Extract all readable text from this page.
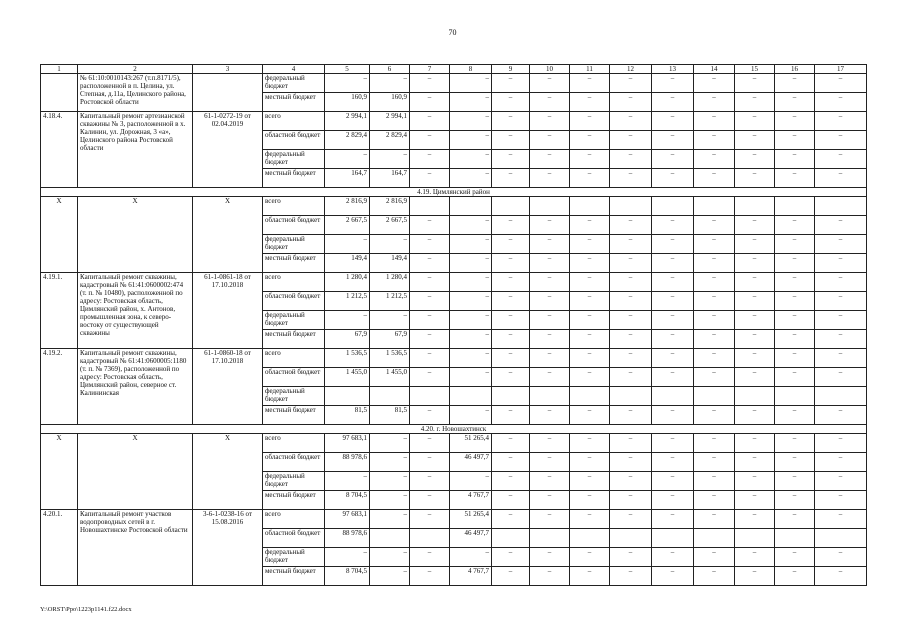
70
1	2	3	4	5	6	7	8	9	10	11	12	13	14	15	16	17
	№ 61:10:0010143:267 (т.п.8171/5), расположенной в п. Целина, ул. Степная, д.11а, Целинского района, Ростовской области		федеральный бюджет	–	–	–	–	–	–	–	–	–	–	–	–	–
			местный бюджет	160,9	160,9	–	–	–	–	–	–	–	–	–	–	–
4.18.4.	Капитальный ремонт артезианской скважины № 3, расположенной в х. Калинин, ул. Дорожная, 3 «а», Целинского района Ростовской области	61-1-0272-19 от 02.04.2019	всего	2 994,1	2 994,1	–	–	–	–	–	–	–	–	–	–	–
			областной бюджет	2 829,4	2 829,4	–	–	–	–	–	–	–	–	–	–	–
			федеральный бюджет	–	–	–	–	–	–	–	–	–	–	–	–	–
			местный бюджет	164,7	164,7	–	–	–	–	–	–	–	–	–	–	–
4.19. Цимлянский район																
Х	Х	Х	всего	2 816,9	2 816,9											
			областной бюджет	2 667,5	2 667,5	–	–	–	–	–	–	–	–	–	–	–
			федеральный бюджет	–	–	–	–	–	–	–	–	–	–	–	–	–
			местный бюджет	149,4	149,4	–	–	–	–	–	–	–	–	–	–	–
4.19.1.	Капитальный ремонт скважины, кадастровый № 61:41:0600002:474 (т. п. № 10480), расположенной по адресу: Ростовская область, Цимлянский район, х. Антонов, промышленная зона, к северо-востоку от существующей скважины	61-1-0861-18 от 17.10.2018	всего	1 280,4	1 280,4	–	–	–	–	–	–	–	–	–	–	–
			областной бюджет	1 212,5	1 212,5	–	–	–	–	–	–	–	–	–	–	–
			федеральный бюджет	–	–	–	–	–	–	–	–	–	–	–	–	–
			местный бюджет	67,9	67,9	–	–	–	–	–	–	–	–	–	–	–
4.19.2.	Капитальный ремонт скважины, кадастровый № 61:41:0600005:1180 (т. п. № 7369), расположенной по адресу: Ростовская область, Цимлянский район, северное ст. Калининская	61-1-0860-18 от 17.10.2018	всего	1 536,5	1 536,5	–	–	–	–	–	–	–	–	–	–	–
			областной бюджет	1 455,0	1 455,0	–	–	–	–	–	–	–	–	–	–	–
			федеральный бюджет													
			местный бюджет	81,5	81,5	–	–	–	–	–	–	–	–	–	–	–
4.20. г. Новошахтинск																
Х	Х	Х	всего	97 683,1	–	–	51 265,4	–	–	–	–	–	–	–	–	–
			областной бюджет	88 978,6	–	–	46 497,7	–	–	–	–	–	–	–	–	–
			федеральный бюджет	–	–	–	–	–	–	–	–	–	–	–	–	–
			местный бюджет	8 704,5	–	–	4 767,7	–	–	–	–	–	–	–	–	–
4.20.1.	Капитальный ремонт участков водопроводных сетей в г. Новошахтинске Ростовской области	3-6-1-0238-16 от 15.08.2016	всего	97 683,1	–	–	51 265,4	–	–	–	–	–	–	–	–	–
			областной бюджет	88 978,6			46 497,7									
			федеральный бюджет	–	–	–	–	–	–	–	–	–	–	–	–	–
			местный бюджет	8 704,5	–	–	4 767,7	–	–	–	–	–	–	–	–	–
Y:\ORST\Ppo\1223p1141.f22.docx
